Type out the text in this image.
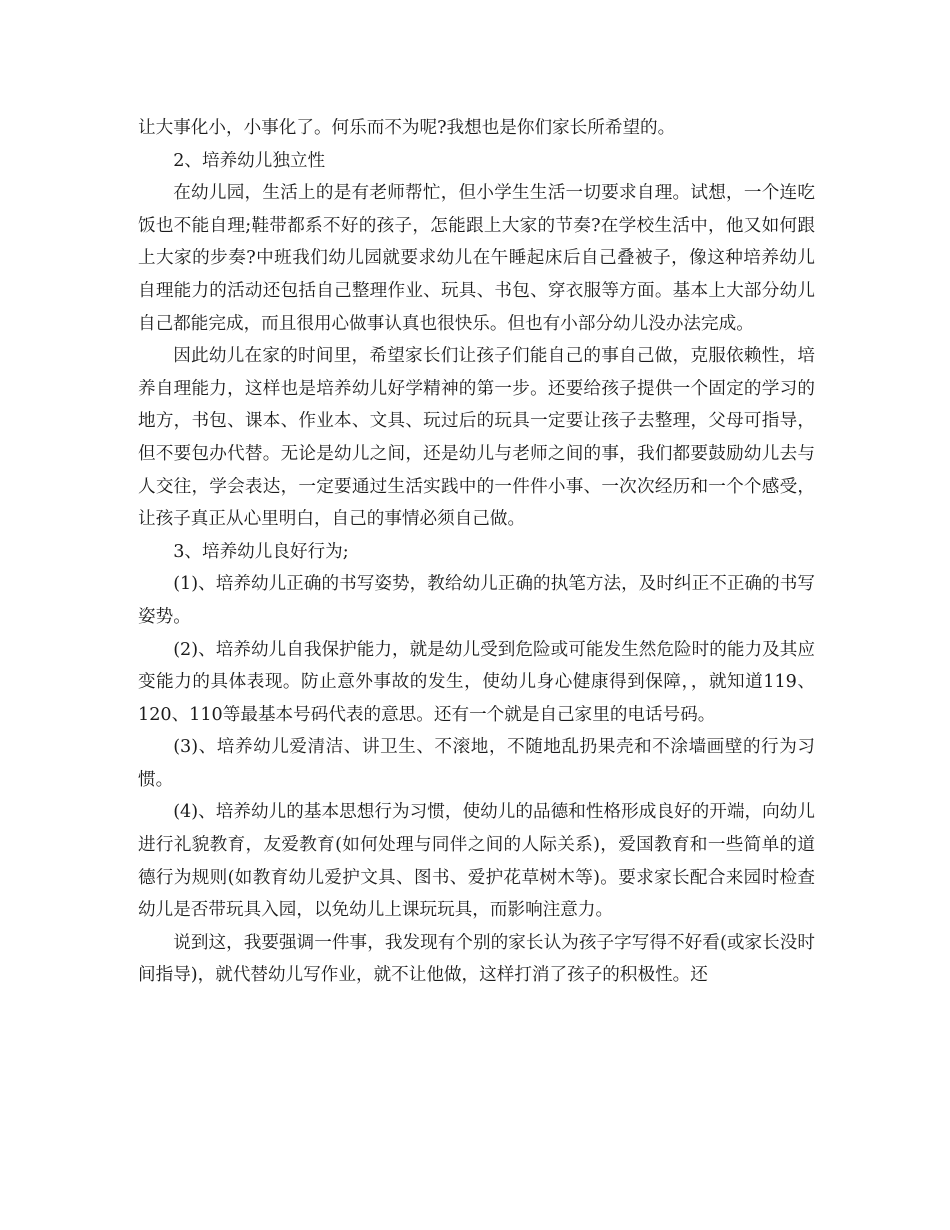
让大事化小，小事化了。何乐而不为呢?我想也是你们家长所希望的。

2、培养幼儿独立性

在幼儿园，生活上的是有老师帮忙，但小学生生活一切要求自理。试想，一个连吃饭也不能自理;鞋带都系不好的孩子，怎能跟上大家的节奏?在学校生活中，他又如何跟上大家的步奏?中班我们幼儿园就要求幼儿在午睡起床后自己叠被子，像这种培养幼儿自理能力的活动还包括自己整理作业、玩具、书包、穿衣服等方面。基本上大部分幼儿自己都能完成，而且很用心做事认真也很快乐。但也有小部分幼儿没办法完成。

因此幼儿在家的时间里，希望家长们让孩子们能自己的事自己做，克服依赖性，培养自理能力，这样也是培养幼儿好学精神的第一步。还要给孩子提供一个固定的学习的地方，书包、课本、作业本、文具、玩过后的玩具一定要让孩子去整理，父母可指导，但不要包办代替。无论是幼儿之间，还是幼儿与老师之间的事，我们都要鼓励幼儿去与人交往，学会表达，一定要通过生活实践中的一件件小事、一次次经历和一个个感受，让孩子真正从心里明白，自己的事情必须自己做。

3、培养幼儿良好行为;

(1)、培养幼儿正确的书写姿势，教给幼儿正确的执笔方法，及时纠正不正确的书写姿势。

(2)、培养幼儿自我保护能力，就是幼儿受到危险或可能发生然危险时的能力及其应变能力的具体表现。防止意外事故的发生，使幼儿身心健康得到保障，，就知道119、120、110等最基本号码代表的意思。还有一个就是自己家里的电话号码。

(3)、培养幼儿爱清洁、讲卫生、不滚地，不随地乱扔果壳和不涂墙画壁的行为习惯。

(4)、培养幼儿的基本思想行为习惯，使幼儿的品德和性格形成良好的开端，向幼儿进行礼貌教育，友爱教育(如何处理与同伴之间的人际关系)，爱国教育和一些简单的道德行为规则(如教育幼儿爱护文具、图书、爱护花草树木等)。要求家长配合来园时检查幼儿是否带玩具入园，以免幼儿上课玩玩具，而影响注意力。

说到这，我要强调一件事，我发现有个别的家长认为孩子字写得不好看(或家长没时间指导)，就代替幼儿写作业，就不让他做，这样打消了孩子的积极性。还
